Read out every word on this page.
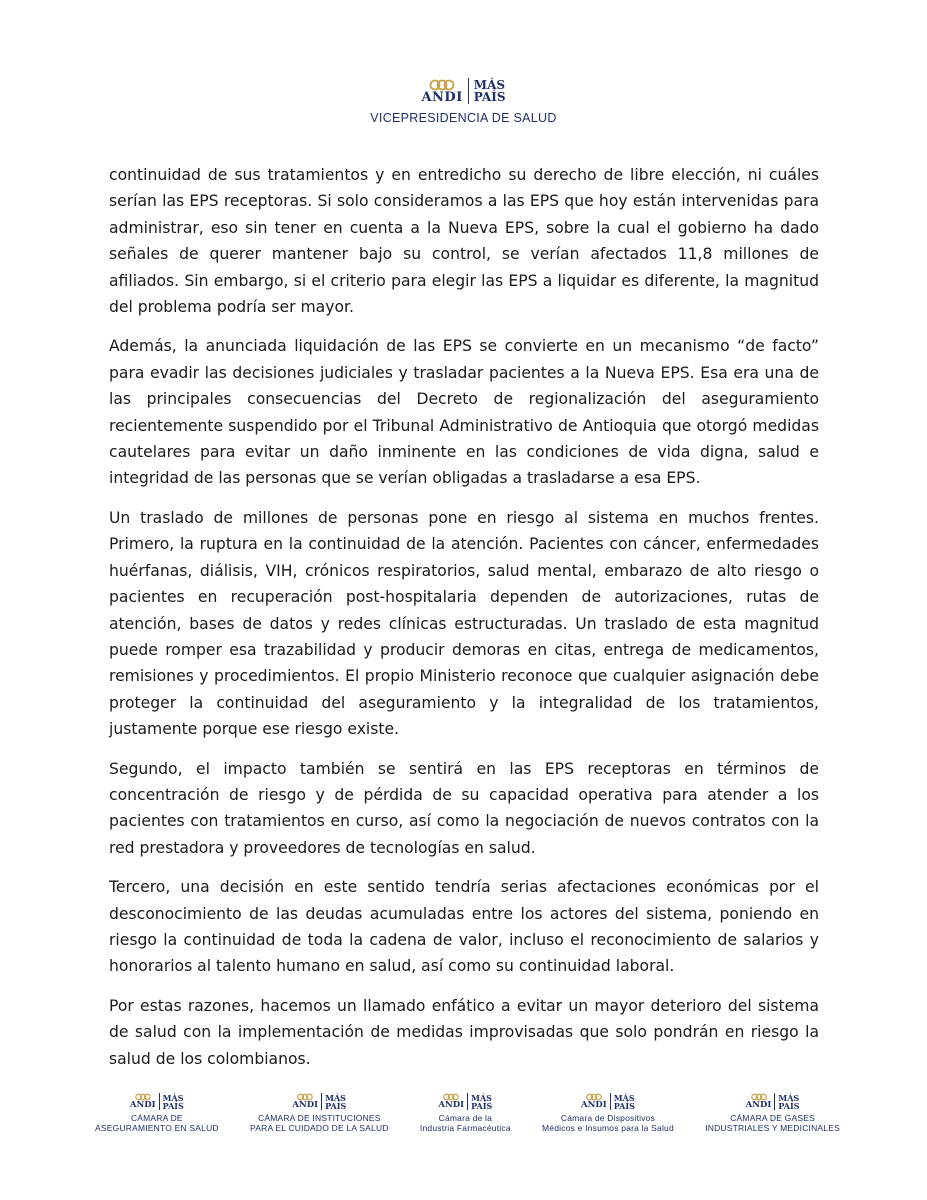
ANDI
MÁS
PAÍS
VICEPRESIDENCIA DE SALUD

continuidad de sus tratamientos y en entredicho su derecho de libre elección, ni cuáles serían las EPS receptoras. Si solo consideramos a las EPS que hoy están intervenidas para administrar, eso sin tener en cuenta a la Nueva EPS, sobre la cual el gobierno ha dado señales de querer mantener bajo su control, se verían afectados 11,8 millones de afiliados. Sin embargo, si el criterio para elegir las EPS a liquidar es diferente, la magnitud del problema podría ser mayor.

Además, la anunciada liquidación de las EPS se convierte en un mecanismo “de facto” para evadir las decisiones judiciales y trasladar pacientes a la Nueva EPS. Esa era una de las principales consecuencias del Decreto de regionalización del aseguramiento recientemente suspendido por el Tribunal Administrativo de Antioquia que otorgó medidas cautelares para evitar un daño inminente en las condiciones de vida digna, salud e integridad de las personas que se verían obligadas a trasladarse a esa EPS.

Un traslado de millones de personas pone en riesgo al sistema en muchos frentes. Primero, la ruptura en la continuidad de la atención. Pacientes con cáncer, enfermedades huérfanas, diálisis, VIH, crónicos respiratorios, salud mental, embarazo de alto riesgo o pacientes en recuperación post-hospitalaria dependen de autorizaciones, rutas de atención, bases de datos y redes clínicas estructuradas. Un traslado de esta magnitud puede romper esa trazabilidad y producir demoras en citas, entrega de medicamentos, remisiones y procedimientos. El propio Ministerio reconoce que cualquier asignación debe proteger la continuidad del aseguramiento y la integralidad de los tratamientos, justamente porque ese riesgo existe.

Segundo, el impacto también se sentirá en las EPS receptoras en términos de concentración de riesgo y de pérdida de su capacidad operativa para atender a los pacientes con tratamientos en curso, así como la negociación de nuevos contratos con la red prestadora y proveedores de tecnologías en salud.

Tercero, una decisión en este sentido tendría serias afectaciones económicas por el desconocimiento de las deudas acumuladas entre los actores del sistema, poniendo en riesgo la continuidad de toda la cadena de valor, incluso el reconocimiento de salarios y honorarios al talento humano en salud, así como su continuidad laboral.

Por estas razones, hacemos un llamado enfático a evitar un mayor deterioro del sistema de salud con la implementación de medidas improvisadas que solo pondrán en riesgo la salud de los colombianos.

ANDI
MÁS
PAÍS
CÁMARA DE
ASEGURAMIENTO EN SALUD
ANDI
MÁS
PAÍS
CÁMARA DE INSTITUCIONES
PARA EL CUIDADO DE LA SALUD
ANDI
MÁS
PAÍS
Cámara de la
Industria Farmacéutica
ANDI
MÁS
PAÍS
Cámara de Dispositivos
Médicos e Insumos para la Salud
ANDI
MÁS
PAÍS
CÁMARA DE GASES
INDUSTRIALES Y MEDICINALES
